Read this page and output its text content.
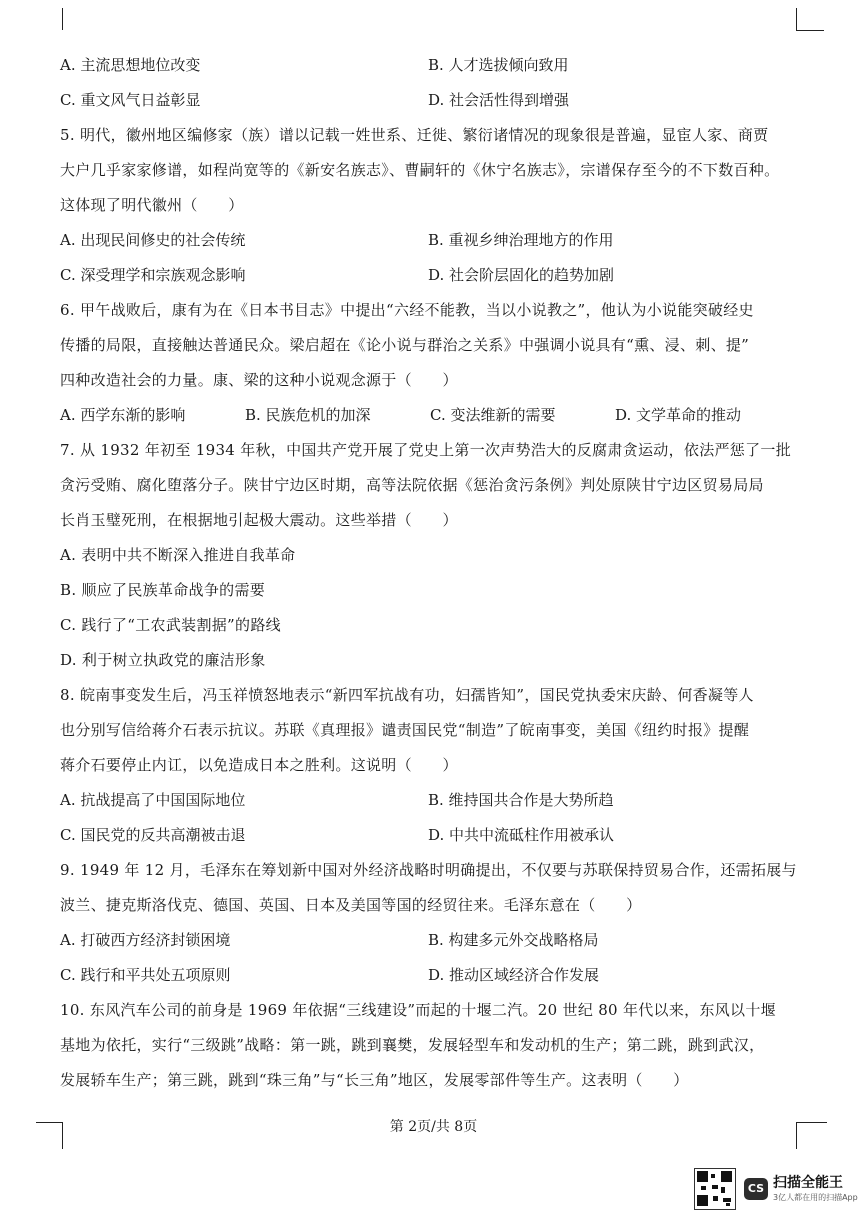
A. 主流思想地位改变	B. 人才选拔倾向致用
C. 重文风气日益彰显	D. 社会活性得到增强
5. 明代，徽州地区编修家（族）谱以记载一姓世系、迁徙、繁衍诸情况的现象很是普遍，显宦人家、商贾
大户几乎家家修谱，如程尚宽等的《新安名族志》、曹嗣轩的《休宁名族志》，宗谱保存至今的不下数百种。
这体现了明代徽州（　　）
A. 出现民间修史的社会传统	B. 重视乡绅治理地方的作用
C. 深受理学和宗族观念影响	D. 社会阶层固化的趋势加剧
6. 甲午战败后，康有为在《日本书目志》中提出“六经不能教，当以小说教之”，他认为小说能突破经史
传播的局限，直接触达普通民众。梁启超在《论小说与群治之关系》中强调小说具有“熏、浸、刺、提”
四种改造社会的力量。康、梁的这种小说观念源于（　　）
A. 西学东渐的影响	B. 民族危机的加深	C. 变法维新的需要	D. 文学革命的推动
7. 从 1932 年初至 1934 年秋，中国共产党开展了党史上第一次声势浩大的反腐肃贪运动，依法严惩了一批
贪污受贿、腐化堕落分子。陕甘宁边区时期，高等法院依据《惩治贪污条例》判处原陕甘宁边区贸易局局
长肖玉璧死刑，在根据地引起极大震动。这些举措（　　）
A. 表明中共不断深入推进自我革命
B. 顺应了民族革命战争的需要
C. 践行了“工农武装割据”的路线
D. 利于树立执政党的廉洁形象
8. 皖南事变发生后，冯玉祥愤怒地表示“新四军抗战有功，妇孺皆知”，国民党执委宋庆龄、何香凝等人
也分别写信给蒋介石表示抗议。苏联《真理报》谴责国民党“制造”了皖南事变，美国《纽约时报》提醒
蒋介石要停止内讧，以免造成日本之胜利。这说明（　　）
A. 抗战提高了中国国际地位	B. 维持国共合作是大势所趋
C. 国民党的反共高潮被击退	D. 中共中流砥柱作用被承认
9. 1949 年 12 月，毛泽东在筹划新中国对外经济战略时明确提出，不仅要与苏联保持贸易合作，还需拓展与
波兰、捷克斯洛伐克、德国、英国、日本及美国等国的经贸往来。毛泽东意在（　　）
A. 打破西方经济封锁困境	B. 构建多元外交战略格局
C. 践行和平共处五项原则	D. 推动区域经济合作发展
10. 东风汽车公司的前身是 1969 年依据“三线建设”而起的十堰二汽。20 世纪 80 年代以来，东风以十堰
基地为依托，实行“三级跳”战略：第一跳，跳到襄樊，发展轻型车和发动机的生产；第二跳，跳到武汉，
发展轿车生产；第三跳，跳到“珠三角”与“长三角”地区，发展零部件等生产。这表明（　　）
第 2页/共 8页
CS 扫描全能王
3亿人都在用的扫描App
